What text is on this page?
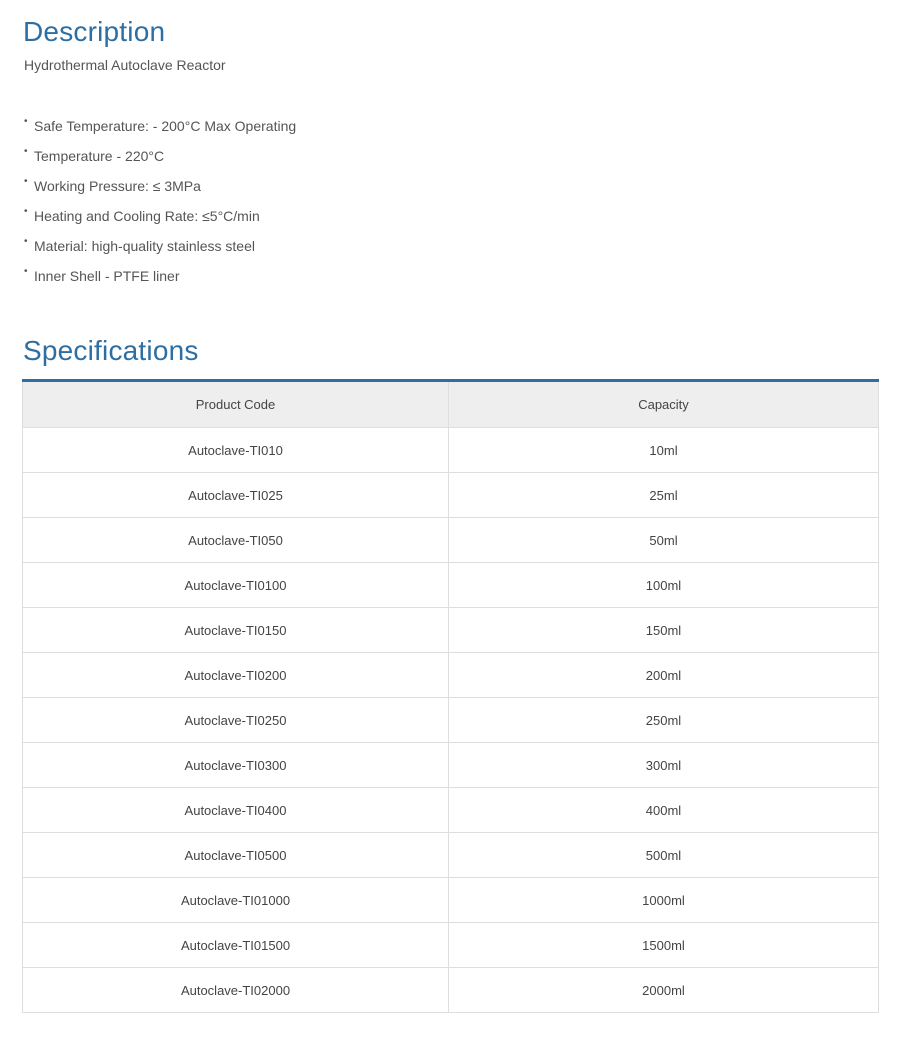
Description

Hydrothermal Autoclave Reactor

• Safe Temperature: - 200°C Max Operating
• Temperature - 220°C
• Working Pressure: ≤ 3MPa
• Heating and Cooling Rate: ≤5°C/min
• Material: high-quality stainless steel
• Inner Shell - PTFE liner
Specifications
Product Code	Capacity
Autoclave-TI010	10ml
Autoclave-TI025	25ml
Autoclave-TI050	50ml
Autoclave-TI0100	100ml
Autoclave-TI0150	150ml
Autoclave-TI0200	200ml
Autoclave-TI0250	250ml
Autoclave-TI0300	300ml
Autoclave-TI0400	400ml
Autoclave-TI0500	500ml
Autoclave-TI01000	1000ml
Autoclave-TI01500	1500ml
Autoclave-TI02000	2000ml
